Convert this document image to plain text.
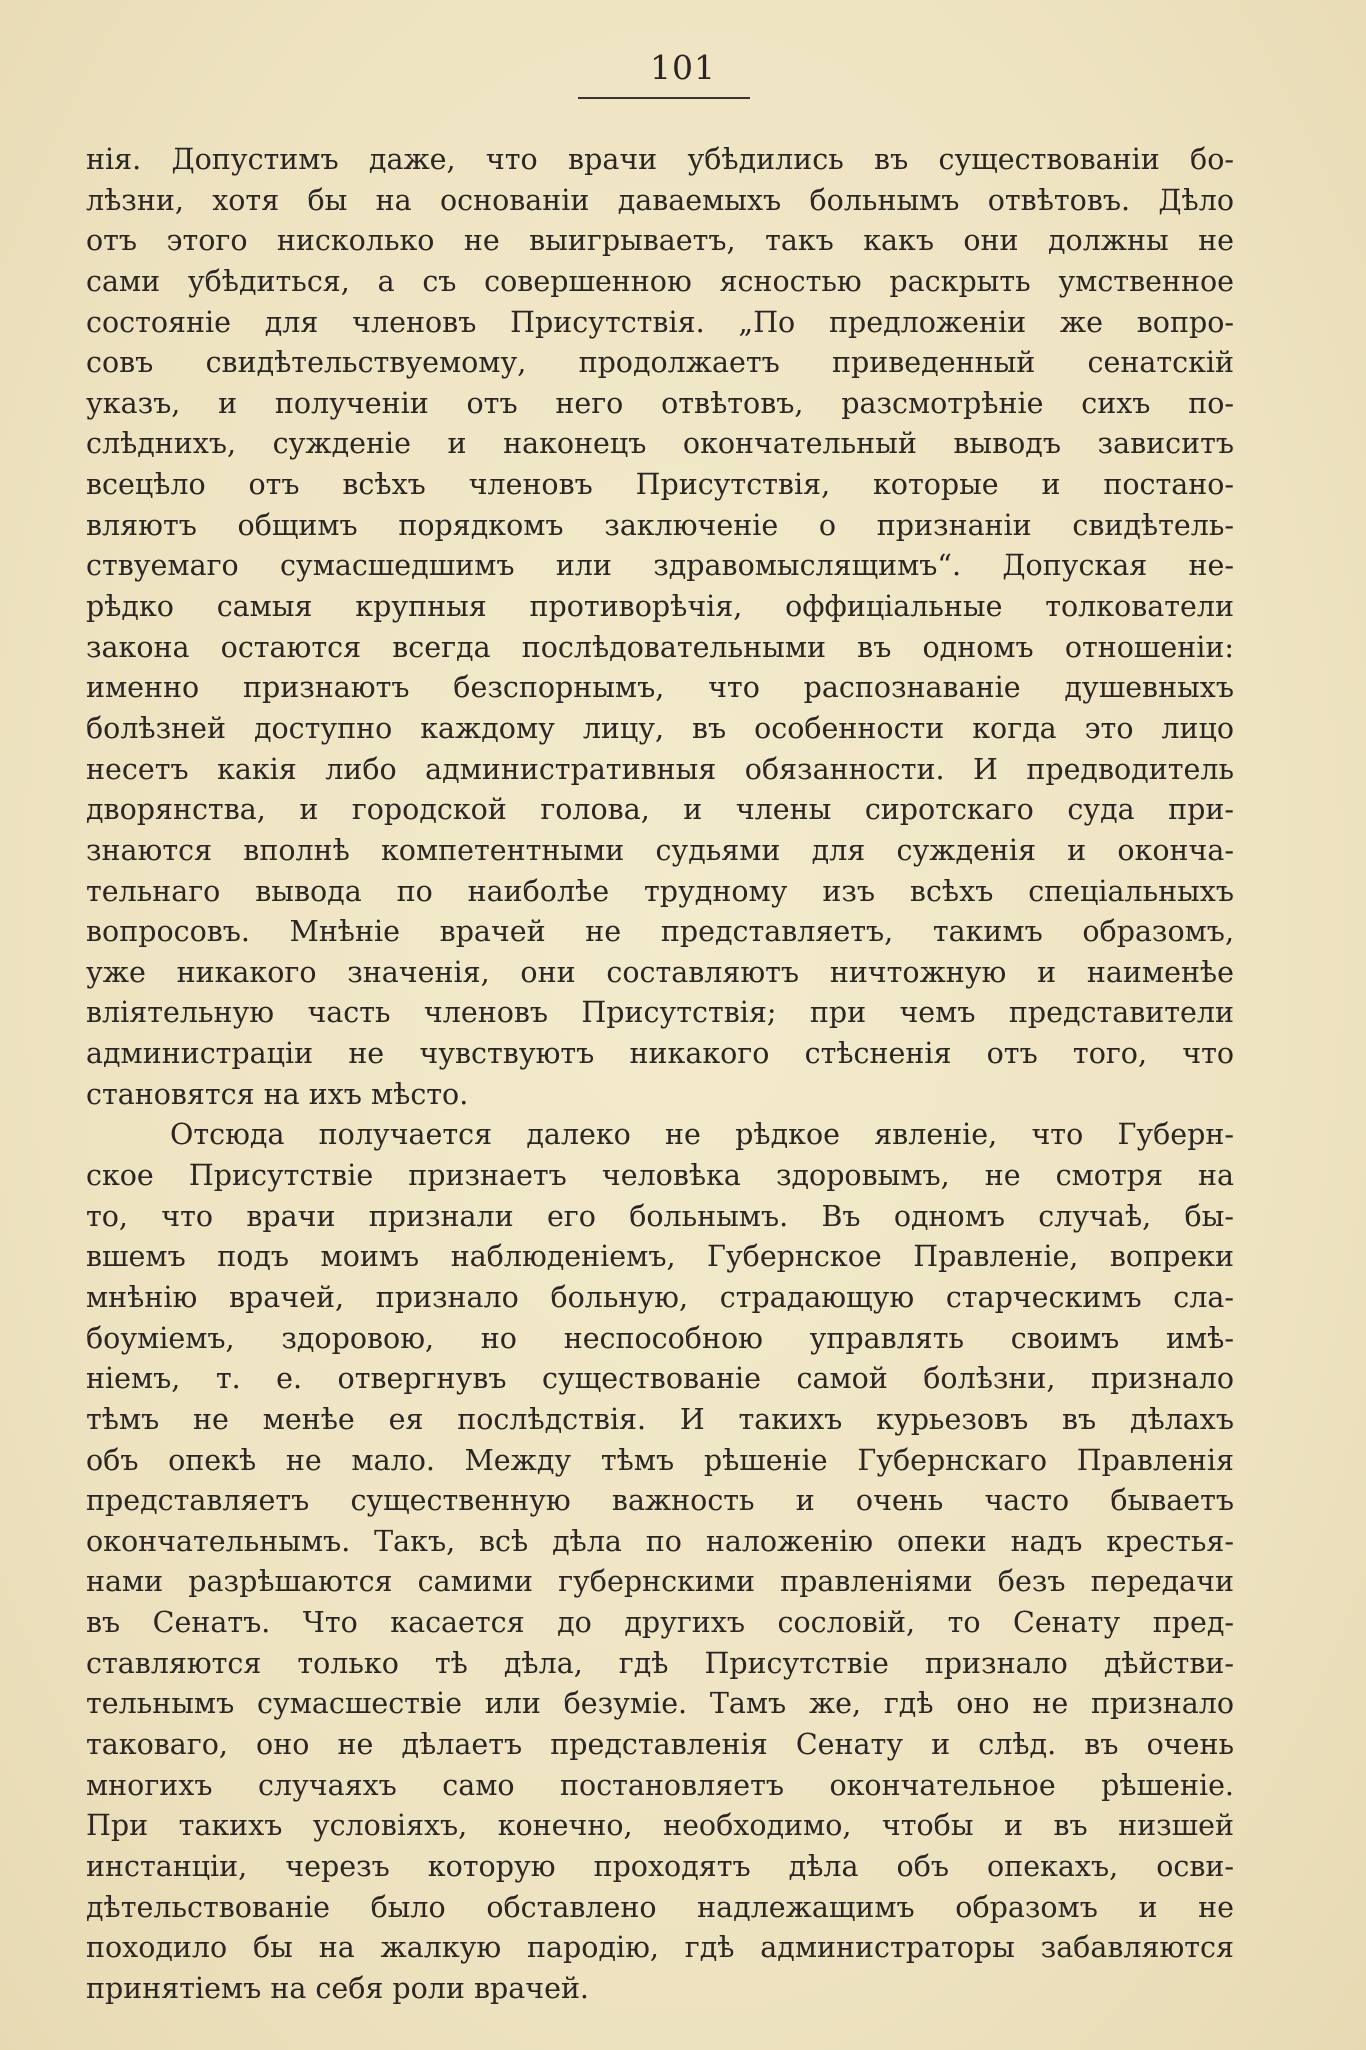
101
нія. Допустимъ даже, что врачи убѣдились въ существованіи бо-
лѣзни, хотя бы на основаніи даваемыхъ больнымъ отвѣтовъ. Дѣло
отъ этого нисколько не выигрываетъ, такъ какъ они должны не
сами убѣдиться, а съ совершенною ясностью раскрыть умственное
состояніе для членовъ Присутствія. „По предложеніи же вопро-
совъ свидѣтельствуемому, продолжаетъ приведенный сенатскій
указъ, и полученіи отъ него отвѣтовъ, разсмотрѣніе сихъ по-
слѣднихъ, сужденіе и наконецъ окончательный выводъ зависитъ
всецѣло отъ всѣхъ членовъ Присутствія, которые и постано-
вляютъ общимъ порядкомъ заключеніе о признаніи свидѣтель-
ствуемаго сумасшедшимъ или здравомыслящимъ“. Допуская не-
рѣдко самыя крупныя противорѣчія, оффиціальные толкователи
закона остаются всегда послѣдовательными въ одномъ отношеніи:
именно признаютъ безспорнымъ, что распознаваніе душевныхъ
болѣзней доступно каждому лицу, въ особенности когда это лицо
несетъ какія либо административныя обязанности. И предводитель
дворянства, и городской голова, и члены сиротскаго суда при-
знаются вполнѣ компетентными судьями для сужденія и оконча-
тельнаго вывода по наиболѣе трудному изъ всѣхъ спеціальныхъ
вопросовъ. Мнѣніе врачей не представляетъ, такимъ образомъ,
уже никакого значенія, они составляютъ ничтожную и наименѣе
вліятельную часть членовъ Присутствія; при чемъ представители
администраціи не чувствуютъ никакого стѣсненія отъ того, что
становятся на ихъ мѣсто.
Отсюда получается далеко не рѣдкое явленіе, что Губерн-
ское Присутствіе признаетъ человѣка здоровымъ, не смотря на
то, что врачи признали его больнымъ. Въ одномъ случаѣ, бы-
вшемъ подъ моимъ наблюденіемъ, Губернское Правленіе, вопреки
мнѣнію врачей, признало больную, страдающую старческимъ сла-
боуміемъ, здоровою, но неспособною управлять своимъ имѣ-
ніемъ, т. е. отвергнувъ существованіе самой болѣзни, признало
тѣмъ не менѣе ея послѣдствія. И такихъ курьезовъ въ дѣлахъ
объ опекѣ не мало. Между тѣмъ рѣшеніе Губернскаго Правленія
представляетъ существенную важность и очень часто бываетъ
окончательнымъ. Такъ, всѣ дѣла по наложенію опеки надъ крестья-
нами разрѣшаются самими губернскими правленіями безъ передачи
въ Сенатъ. Что касается до другихъ сословій, то Сенату пред-
ставляются только тѣ дѣла, гдѣ Присутствіе признало дѣйстви-
тельнымъ сумасшествіе или безуміе. Тамъ же, гдѣ оно не признало
таковаго, оно не дѣлаетъ представленія Сенату и слѣд. въ очень
многихъ случаяхъ само постановляетъ окончательное рѣшеніе.
При такихъ условіяхъ, конечно, необходимо, чтобы и въ низшей
инстанціи, черезъ которую проходятъ дѣла объ опекахъ, осви-
дѣтельствованіе было обставлено надлежащимъ образомъ и не
походило бы на жалкую пародію, гдѣ администраторы забавляются
принятіемъ на себя роли врачей.
